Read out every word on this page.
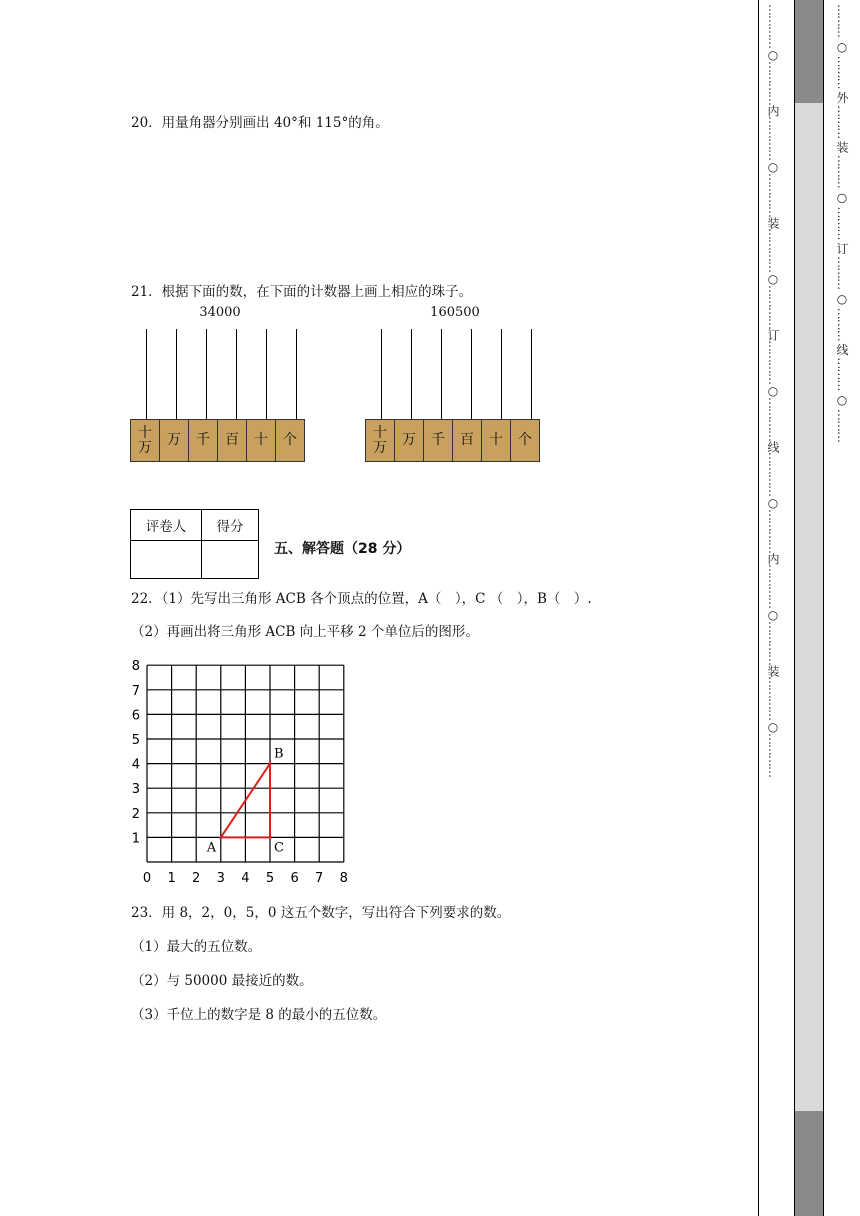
20．用量角器分别画出 40°和 115°的角。
21．根据下面的数，在下面的计数器上画上相应的珠子。
34000
十
万	万	千	百	十	个
160500
十
万	万	千	百	十	个
评卷人	得分

五、解答题（28 分）
22．（1）先写出三角形 ACB 各个顶点的位置，A（　），C （　），B（　）.
（2）再画出将三角形 ACB 向上平移 2 个单位后的图形。
0 1 2 3 4 5 6 7 8
1
2
3
4
5
6
7
8
A
B
C
23．用 8，2，0，5，0 这五个数字，写出符合下列要求的数。
（1）最大的五位数。
（2）与 50000 最接近的数。
（3）千位上的数字是 8 的最小的五位数。
…………○…………内…………○…………装…………○…………订…………○…………线…………○…………内…………○…………装…………○…………	……… ○ ……… 外 ……… 装 ……… ○ ……… 订 ……… ○ ……… 线 ……… ○ ………
